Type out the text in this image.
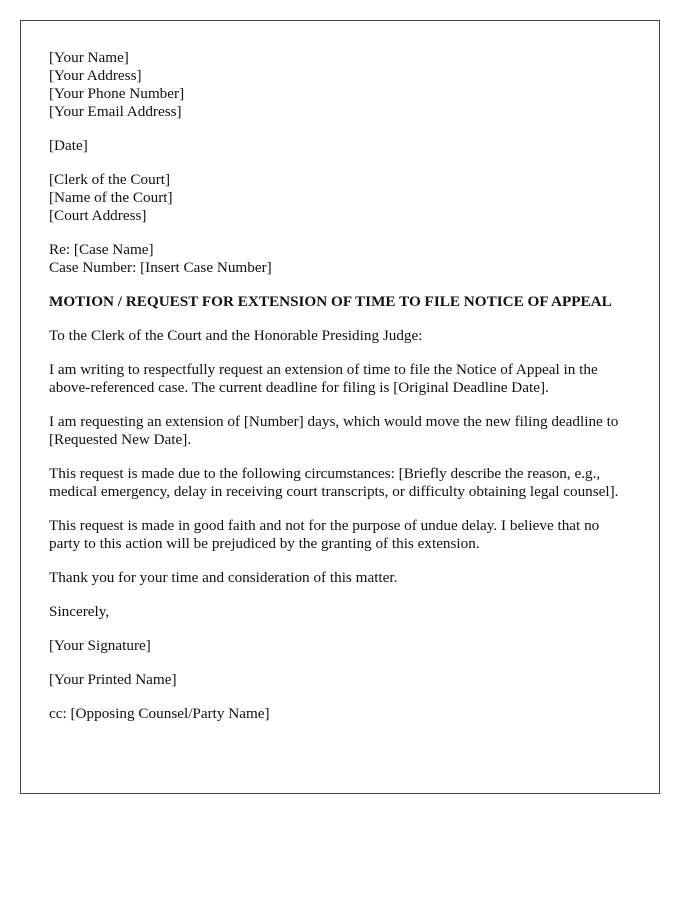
[Your Name]
[Your Address]
[Your Phone Number]
[Your Email Address]
[Date]
[Clerk of the Court]
[Name of the Court]
[Court Address]
Re: [Case Name]
Case Number: [Insert Case Number]
MOTION / REQUEST FOR EXTENSION OF TIME TO FILE NOTICE OF APPEAL

To the Clerk of the Court and the Honorable Presiding Judge:

I am writing to respectfully request an extension of time to file the Notice of Appeal in the above-referenced case. The current deadline for filing is [Original Deadline Date].

I am requesting an extension of [Number] days, which would move the new filing deadline to [Requested New Date].

This request is made due to the following circumstances: [Briefly describe the reason, e.g., medical emergency, delay in receiving court transcripts, or difficulty obtaining legal counsel].

This request is made in good faith and not for the purpose of undue delay. I believe that no party to this action will be prejudiced by the granting of this extension.

Thank you for your time and consideration of this matter.

Sincerely,

[Your Signature]

[Your Printed Name]

cc: [Opposing Counsel/Party Name]
